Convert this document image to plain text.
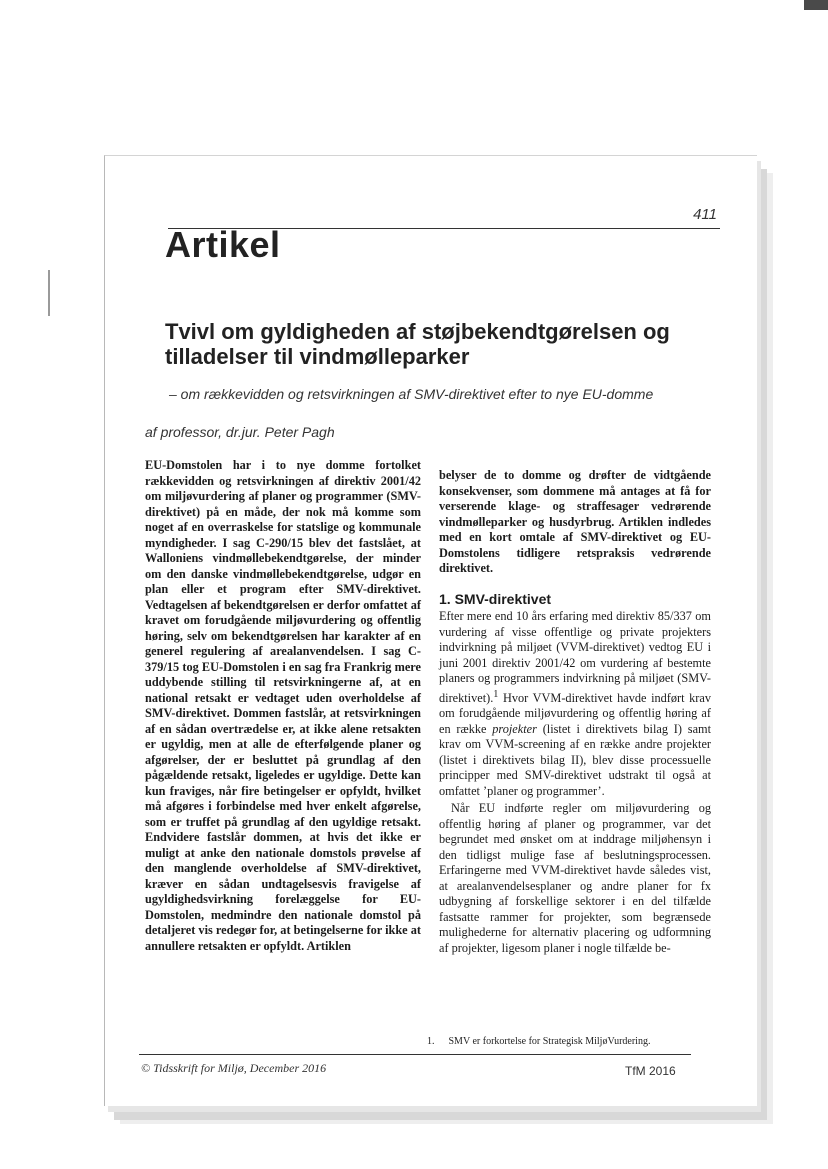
411
Artikel
Tvivl om gyldigheden af støjbekendtgørelsen og tilladelser til vindmølleparker
– om rækkevidden og retsvirkningen af SMV-direktivet efter to nye EU-domme
af professor, dr.jur. Peter Pagh

EU-Domstolen har i to nye domme fortolket rækkevidden og retsvirkningen af direktiv 2001/42 om miljøvurdering af planer og programmer (SMV-direktivet) på en måde, der nok må komme som noget af en overraskelse for statslige og kommunale myndigheder. I sag C-290/15 blev det fastslået, at Walloniens vindmøllebekendtgørelse, der minder om den danske vindmøllebekendtgørelse, udgør en plan eller et program efter SMV-direktivet. Vedtagelsen af bekendtgørelsen er derfor omfattet af kravet om forudgående miljøvurdering og offentlig høring, selv om bekendtgørelsen har karakter af en generel regulering af arealanvendelsen. I sag C-379/15 tog EU-Domstolen i en sag fra Frankrig mere uddybende stilling til retsvirkningerne af, at en national retsakt er vedtaget uden overholdelse af SMV-direktivet. Dommen fastslår, at retsvirkningen af en sådan overtrædelse er, at ikke alene retsakten er ugyldig, men at alle de efterfølgende planer og afgørelser, der er besluttet på grundlag af den pågældende retsakt, ligeledes er ugyldige. Dette kan kun fraviges, når fire betingelser er opfyldt, hvilket må afgøres i forbindelse med hver enkelt afgørelse, som er truffet på grundlag af den ugyldige retsakt. Endvidere fastslår dommen, at hvis det ikke er muligt at anke den nationale domstols prøvelse af den manglende overholdelse af SMV-direktivet, kræver en sådan undtagelsesvis fravigelse af ugyldighedsvirkning forelæggelse for EU-Domstolen, medmindre den nationale domstol på detaljeret vis redegør for, at betingelserne for ikke at annullere retsakten er opfyldt. Artiklen

belyser de to domme og drøfter de vidtgående konsekvenser, som dommene må antages at få for verserende klage- og straffesager vedrørende vindmølleparker og husdyrbrug. Artiklen indledes med en kort omtale af SMV-direktivet og EU-Domstolens tidligere retspraksis vedrørende direktivet.

1. SMV-direktivet

Efter mere end 10 års erfaring med direktiv 85/337 om vurdering af visse offentlige og private projekters indvirkning på miljøet (VVM-direktivet) vedtog EU i juni 2001 direktiv 2001/42 om vurdering af bestemte planers og programmers indvirkning på miljøet (SMV-direktivet).$^1$ Hvor VVM-direktivet havde indført krav om forudgående miljøvurdering og offentlig høring af en række projekter (listet i direktivets bilag I) samt krav om VVM-screening af en række andre projekter (listet i direktivets bilag II), blev disse processuelle principper med SMV-direktivet udstrakt til også at omfattet ’planer og programmer’.

Når EU indførte regler om miljøvurdering og offentlig høring af planer og programmer, var det begrundet med ønsket om at inddrage miljøhensyn i den tidligst mulige fase af beslutningsprocessen. Erfaringerne med VVM-direktivet havde således vist, at arealanvendelsesplaner og andre planer for fx udbygning af forskellige sektorer i en del tilfælde fastsatte rammer for projekter, som begrænsede mulighederne for alternativ placering og udformning af projekter, ligesom planer i nogle tilfælde be-

1. SMV er forkortelse for Strategisk MiljøVurdering.
© Tidsskrift for Miljø, December 2016	TfM 2016
